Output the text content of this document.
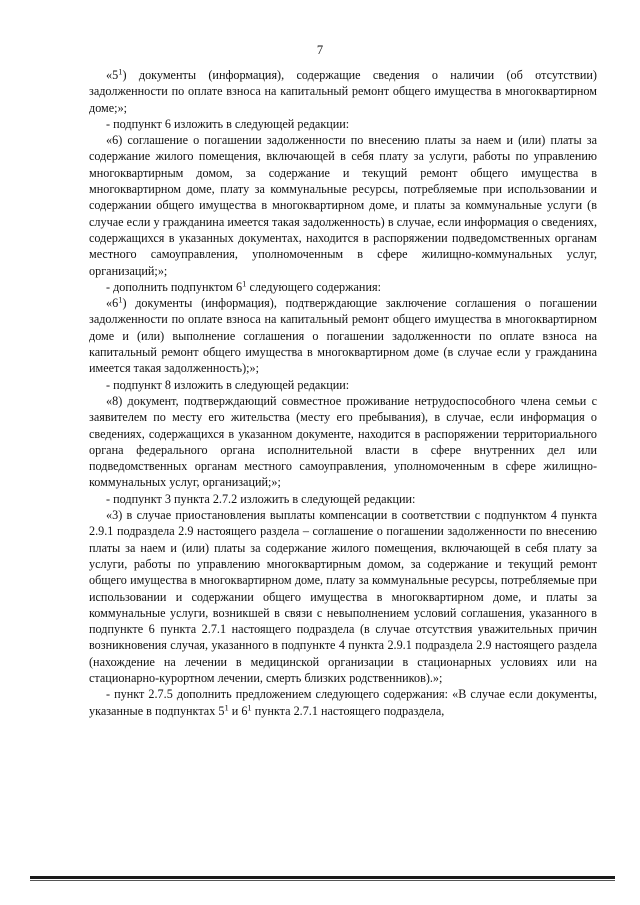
7

«$5^1$) документы (информация), содержащие сведения о наличии (об отсутствии) задолженности по оплате взноса на капитальный ремонт общего имущества в многоквартирном доме;»;

- подпункт 6 изложить в следующей редакции:

«6) соглашение о погашении задолженности по внесению платы за наем и (или) платы за содержание жилого помещения, включающей в себя плату за услуги, работы по управлению многоквартирным домом, за содержание и текущий ремонт общего имущества в многоквартирном доме, плату за коммунальные ресурсы, потребляемые при использовании и содержании общего имущества в многоквартирном доме, и платы за коммунальные услуги (в случае если у гражданина имеется такая задолженность) в случае, если информация о сведениях, содержащихся в указанных документах, находится в распоряжении подведомственных органам местного самоуправления, уполномоченным в сфере жилищно-коммунальных услуг, организаций;»;

- дополнить подпунктом $6^1$ следующего содержания:

«$6^1$) документы (информация), подтверждающие заключение соглашения о погашении задолженности по оплате взноса на капитальный ремонт общего имущества в многоквартирном доме и (или) выполнение соглашения о погашении задолженности по оплате взноса на капитальный ремонт общего имущества в многоквартирном доме (в случае если у гражданина имеется такая задолженность);»;

- подпункт 8 изложить в следующей редакции:

«8) документ, подтверждающий совместное проживание нетрудоспособного члена семьи с заявителем по месту его жительства (месту его пребывания), в случае, если информация о сведениях, содержащихся в указанном документе, находится в распоряжении территориального органа федерального органа исполнительной власти в сфере внутренних дел или подведомственных органам местного самоуправления, уполномоченным в сфере жилищно-коммунальных услуг, организаций;»;

- подпункт 3 пункта 2.7.2 изложить в следующей редакции:

«3) в случае приостановления выплаты компенсации в соответствии с подпунктом 4 пункта 2.9.1 подраздела 2.9 настоящего раздела – соглашение о погашении задолженности по внесению платы за наем и (или) платы за содержание жилого помещения, включающей в себя плату за услуги, работы по управлению многоквартирным домом, за содержание и текущий ремонт общего имущества в многоквартирном доме, плату за коммунальные ресурсы, потребляемые при использовании и содержании общего имущества в многоквартирном доме, и платы за коммунальные услуги, возникшей в связи с невыполнением условий соглашения, указанного в подпункте 6 пункта 2.7.1 настоящего подраздела (в случае отсутствия уважительных причин возникновения случая, указанного в подпункте 4 пункта 2.9.1 подраздела 2.9 настоящего раздела (нахождение на лечении в медицинской организации в стационарных условиях или на стационарно-курортном лечении, смерть близких родственников).»;

- пункт 2.7.5 дополнить предложением следующего содержания: «В случае если документы, указанные в подпунктах $5^1$ и $6^1$ пункта 2.7.1 настоящего подраздела,
